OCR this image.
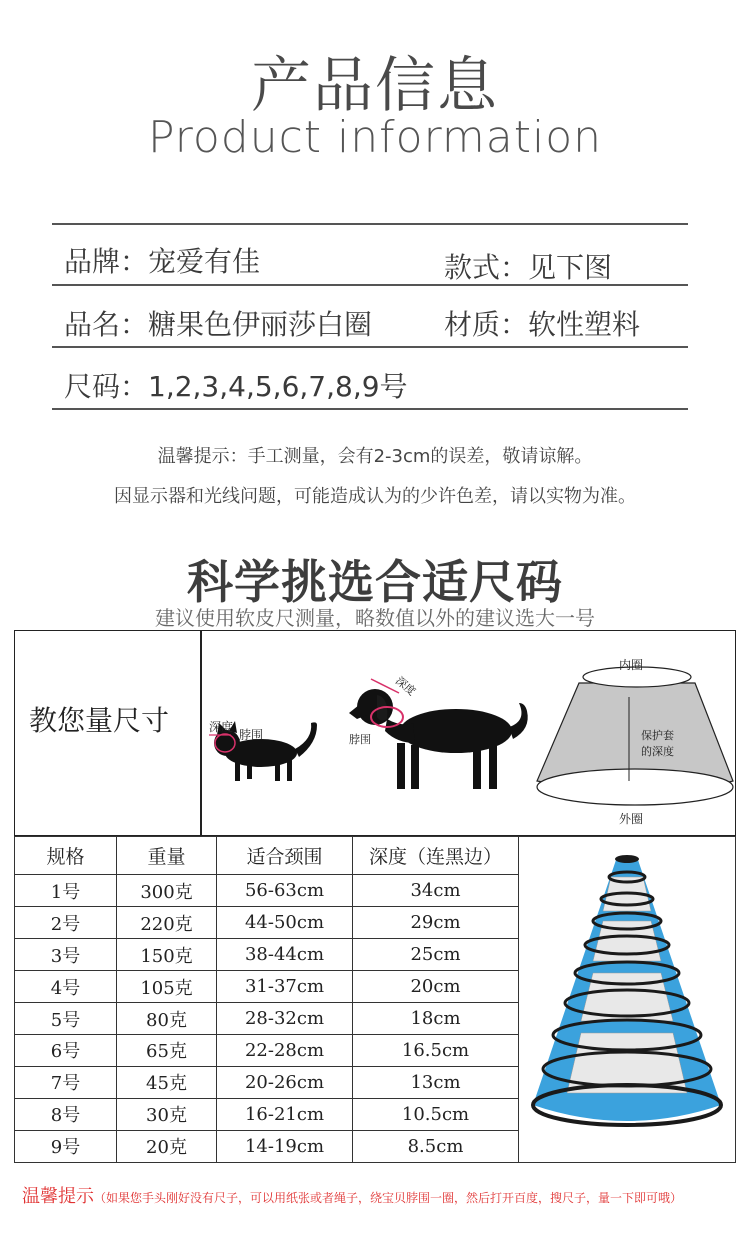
产品信息
Product information
品牌：宠爱有佳	款式：见下图
品名：糖果色伊丽莎白圈	材质：软性塑料
尺码：1,2,3,4,5,6,7,8,9号
温馨提示：手工测量，会有2-3cm的误差，敬请谅解。
因显示器和光线问题，可能造成认为的少许色差，请以实物为准。
科学挑选合适尺码
建议使用软皮尺测量，略数值以外的建议选大一号
教您量尺寸	深度
脖围
深度
脖围
内圈
保护套
的深度
外圈
规格	重量	适合颈围	深度（连黑边）	
1号	300克	56-63cm	34cm	
2号	220克	44-50cm	29cm	
3号	150克	38-44cm	25cm	
4号	105克	31-37cm	20cm	
5号	80克	28-32cm	18cm	
6号	65克	22-28cm	16.5cm	
7号	45克	20-26cm	13cm	
8号	30克	16-21cm	10.5cm	
9号	20克	14-19cm	8.5cm	
温馨提示（如果您手头刚好没有尺子，可以用纸张或者绳子，绕宝贝脖围一圈，然后打开百度，搜尺子，量一下即可哦）
